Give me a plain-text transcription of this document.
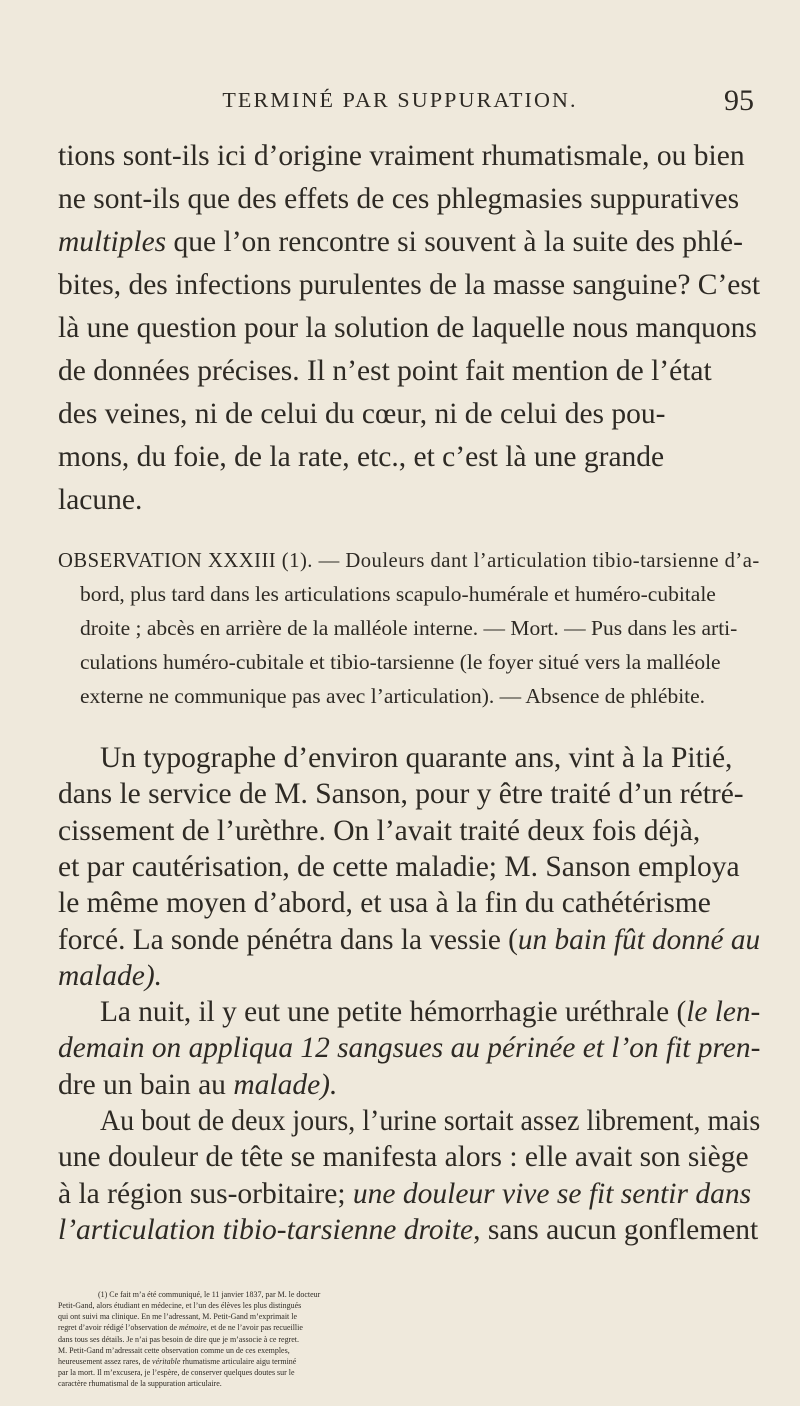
TERMINÉ PAR SUPPURATION.	95
tions sont-ils ici d’origine vraiment rhumatismale, ou bien
ne sont-ils que des effets de ces phlegmasies suppuratives
multiples que l’on rencontre si souvent à la suite des phlé-
bites, des infections purulentes de la masse sanguine? C’est
là une question pour la solution de laquelle nous manquons
de données précises. Il n’est point fait mention de l’état
des veines, ni de celui du cœur, ni de celui des pou-
mons, du foie, de la rate, etc., et c’est là une grande
lacune.
OBSERVATION XXXIII (1). — Douleurs dant l’articulation tibio-tarsienne d’a-
bord, plus tard dans les articulations scapulo-humérale et huméro-cubitale
droite ; abcès en arrière de la malléole interne. — Mort. — Pus dans les arti-
culations huméro-cubitale et tibio-tarsienne (le foyer situé vers la malléole
externe ne communique pas avec l’articulation). — Absence de phlébite.
Un typographe d’environ quarante ans, vint à la Pitié,
dans le service de M. Sanson, pour y être traité d’un rétré-
cissement de l’urèthre. On l’avait traité deux fois déjà,
et par cautérisation, de cette maladie; M. Sanson employa
le même moyen d’abord, et usa à la fin du cathétérisme
forcé. La sonde pénétra dans la vessie (un bain fût donné au
malade).
La nuit, il y eut une petite hémorrhagie uréthrale (le len-
demain on appliqua 12 sangsues au périnée et l’on fit pren-
dre un bain au malade).
Au bout de deux jours, l’urine sortait assez librement, mais
une douleur de tête se manifesta alors : elle avait son siège
à la région sus-orbitaire; une douleur vive se fit sentir dans
l’articulation tibio-tarsienne droite, sans aucun gonflement
(1) Ce fait m’a été communiqué, le 11 janvier 1837, par M. le docteur
Petit-Gand, alors étudiant en médecine, et l’un des élèves les plus distingués
qui ont suivi ma clinique. En me l’adressant, M. Petit-Gand m’exprimait le
regret d’avoir rédigé l’observation de mémoire, et de ne l’avoir pas recueillie
dans tous ses détails. Je n’ai pas besoin de dire que je m’associe à ce regret.
M. Petit-Gand m’adressait cette observation comme un de ces exemples,
heureusement assez rares, de véritable rhumatisme articulaire aigu terminé
par la mort. Il m’excusera, je l’espère, de conserver quelques doutes sur le
caractère rhumatismal de la suppuration articulaire.
